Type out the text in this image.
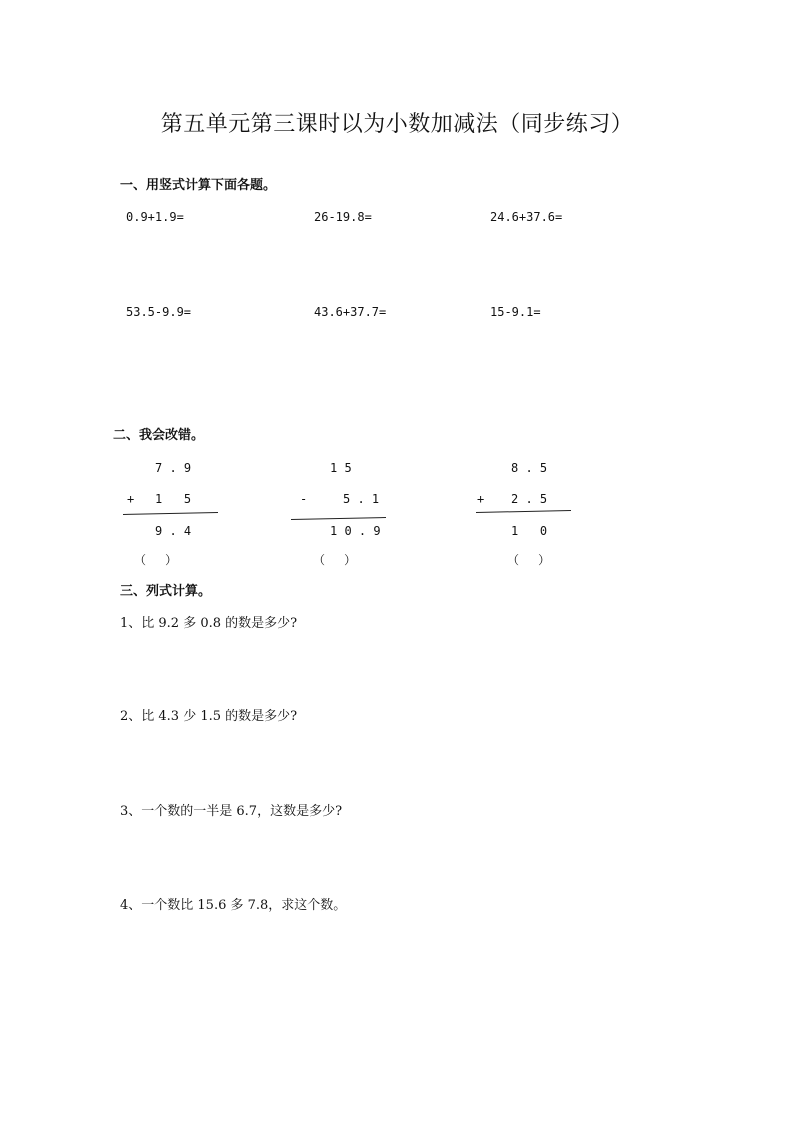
第五单元第三课时以为小数加减法（同步练习）
一、用竖式计算下面各题。
0.9+1.9=	26-19.8=	24.6+37.6=
53.5-9.9=	43.6+37.7=	15-9.1=
二、我会改错。
7 . 9
+ 1   5
9 . 4
（     ）
1 5
-	5 . 1
1 0 . 9
（     ）
8 . 5
+ 2 . 5
1   0
（     ）
三、列式计算。
1、比 9.2 多 0.8 的数是多少?
2、比 4.3 少 1.5 的数是多少?
3、一个数的一半是 6.7，这数是多少?
4、一个数比 15.6 多 7.8，求这个数。
